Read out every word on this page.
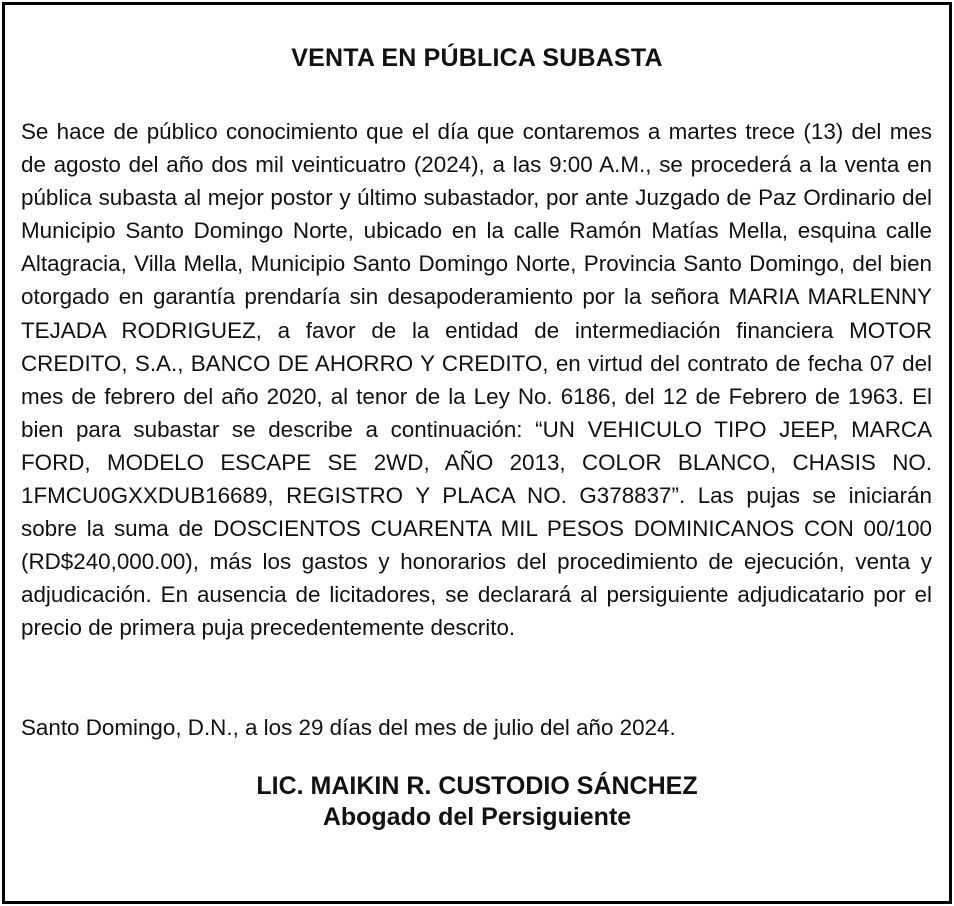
VENTA EN PÚBLICA SUBASTA

Se hace de público conocimiento que el día que contaremos a martes trece (13) del mes de agosto del año dos mil veinticuatro (2024), a las 9:00 A.M., se procederá a la venta en pública subasta al mejor postor y último subastador, por ante Juzgado de Paz Ordinario del Municipio Santo Domingo Norte, ubicado en la calle Ramón Matías Mella, esquina calle Altagracia, Villa Mella, Municipio Santo Domingo Norte, Provincia Santo Domingo, del bien otorgado en garantía prendaría sin desapoderamiento por la señora MARIA MARLENNY TEJADA RODRIGUEZ, a favor de la entidad de intermediación financiera MOTOR CREDITO, S.A., BANCO DE AHORRO Y CREDITO, en virtud del contrato de fecha 07 del mes de febrero del año 2020, al tenor de la Ley No. 6186, del 12 de Febrero de 1963. El bien para subastar se describe a continuación: “UN VEHICULO TIPO JEEP, MARCA FORD, MODELO ESCAPE SE 2WD, AÑO 2013, COLOR BLANCO, CHASIS NO. 1FMCU0GXXDUB16689, REGISTRO Y PLACA NO. G378837”. Las pujas se iniciarán sobre la suma de DOSCIENTOS CUARENTA MIL PESOS DOMINICANOS CON 00/100 (RD$240,000.00), más los gastos y honorarios del procedimiento de ejecución, venta y adjudicación. En ausencia de licitadores, se declarará al persiguiente adjudicatario por el precio de primera puja precedentemente descrito.

Santo Domingo, D.N., a los 29 días del mes de julio del año 2024.

LIC. MAIKIN R. CUSTODIO SÁNCHEZ
Abogado del Persiguiente
